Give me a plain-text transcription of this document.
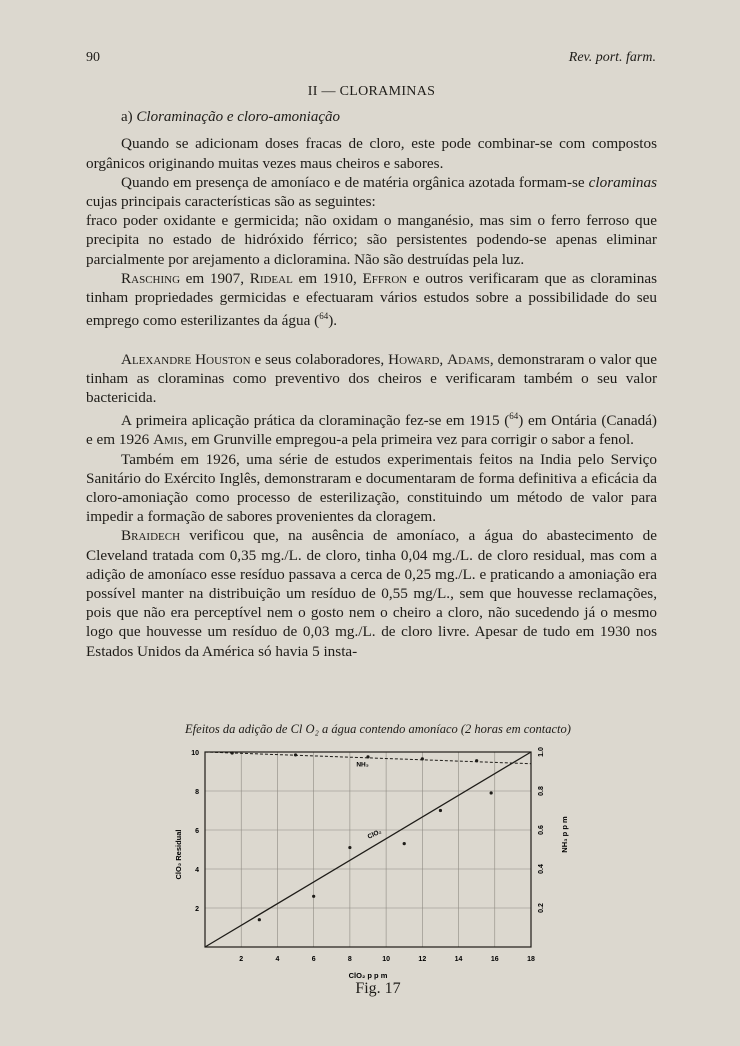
90	Rev. port. farm.
II — CLORAMINAS
a) Cloraminação e cloro-amoniação

Quando se adicionam doses fracas de cloro, este pode combinar-se com compostos orgânicos originando muitas vezes maus cheiros e sabores.

Quando em presença de amoníaco e de matéria orgânica azotada formam-se cloraminas cujas principais características são as seguintes:

fraco poder oxidante e germicida; não oxidam o manganésio, mas sim o ferro ferroso que precipita no estado de hidróxido férrico; são persistentes podendo-se apenas eliminar parcialmente por arejamento a dicloramina. Não são destruídas pela luz.

Rasching em 1907, Rideal em 1910, Effron e outros verificaram que as cloraminas tinham propriedades germicidas e efectuaram vários estudos sobre a possibilidade do seu emprego como esterilizantes da água ($^{64}$).

Alexandre Houston e seus colaboradores, Howard, Adams, demonstraram o valor que tinham as cloraminas como preventivo dos cheiros e verificaram também o seu valor bactericida.

A primeira aplicação prática da cloraminação fez-se em 1915 ($^{64}$) em Ontária (Canadá) e em 1926 Amis, em Grunville empregou-a pela primeira vez para corrigir o sabor a fenol.

Também em 1926, uma série de estudos experimentais feitos na India pelo Serviço Sanitário do Exército Inglês, demonstraram e documentaram de forma definitiva a eficácia da cloro-amoniação como processo de esterilização, constituindo um método de valor para impedir a formação de sabores provenientes da cloragem.

Braidech verificou que, na ausência de amoníaco, a água do abastecimento de Cleveland tratada com 0,35 mg./L. de cloro, tinha 0,04 mg./L. de cloro residual, mas com a adição de amoníaco esse resíduo passava a cerca de 0,25 mg./L. e praticando a amoniação era possível manter na distribuição um resíduo de 0,55 mg/L., sem que houvesse reclamações, pois que não era perceptível nem o gosto nem o cheiro a cloro, não sucedendo já o mesmo logo que houvesse um resíduo de 0,03 mg./L. de cloro livre. Apesar de tudo em 1930 nos Estados Unidos da América só havia 5 insta-

Efeitos da adição de Cl O₂ a água contendo amoníaco (2 horas em contacto)
2	4	6	8	10	12	14	16	18
2
4
6
8
10
0.2
0.4
0.6
0.8
1.0
ClO₂ p p m
ClO₂ Residual	NH₃ p p m
ClO₂
NH₃
Fig. 17
